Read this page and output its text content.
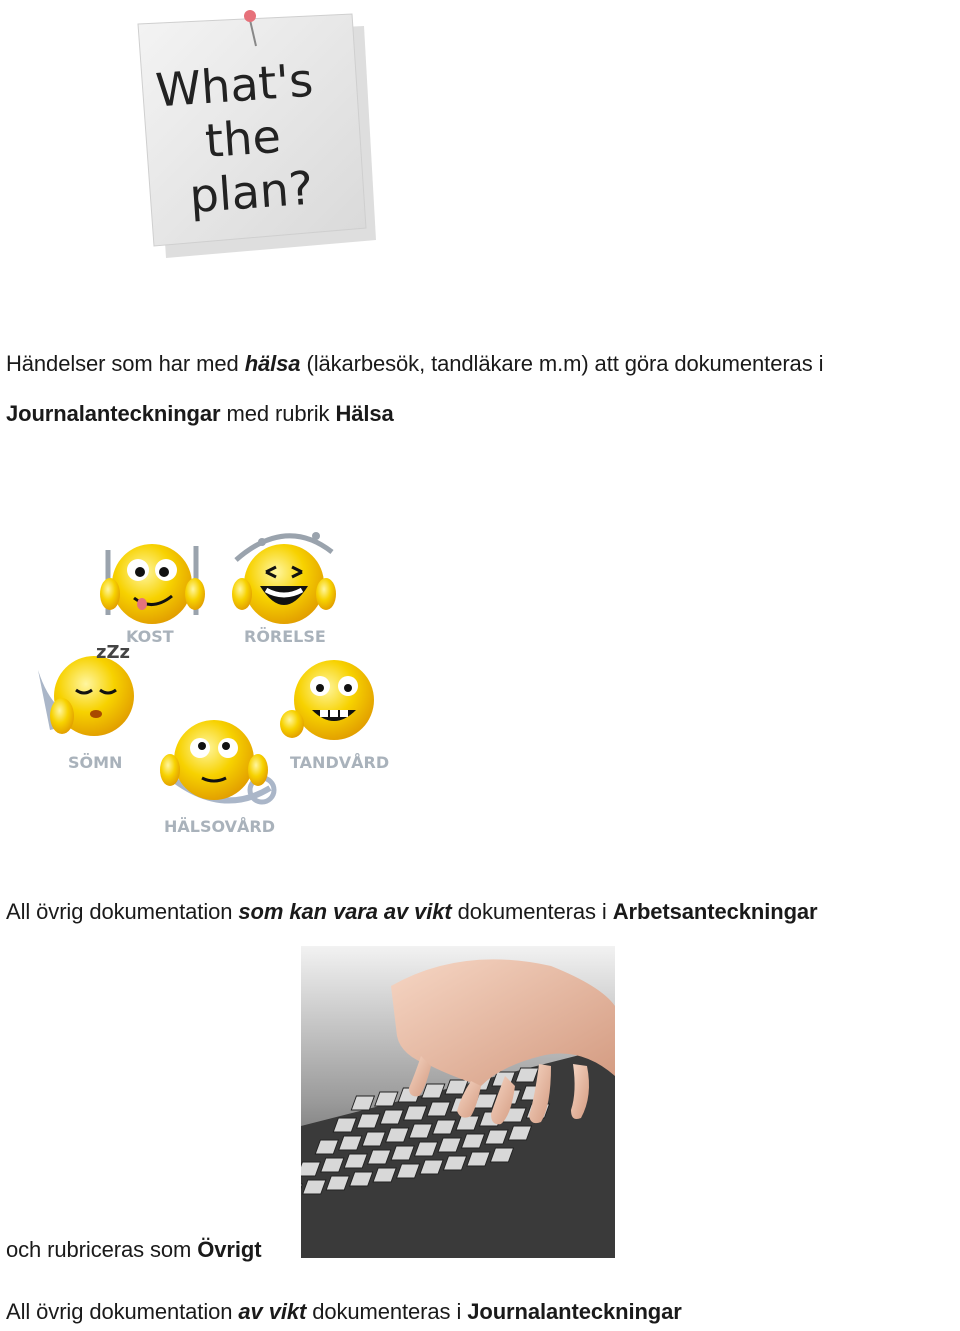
What's
the
plan?
Händelser som har med hälsa (läkarbesök, tandläkare m.m) att göra dokumenteras i
Journalanteckningar med rubrik Hälsa
KOST	RÖRELSE
zZz
SÖMN	TANDVÅRD
HÄLSOVÅRD
All övrig dokumentation som kan vara av vikt dokumenteras i Arbetsanteckningar
och rubriceras som Övrigt
All övrig dokumentation av vikt dokumenteras i Journalanteckningar
